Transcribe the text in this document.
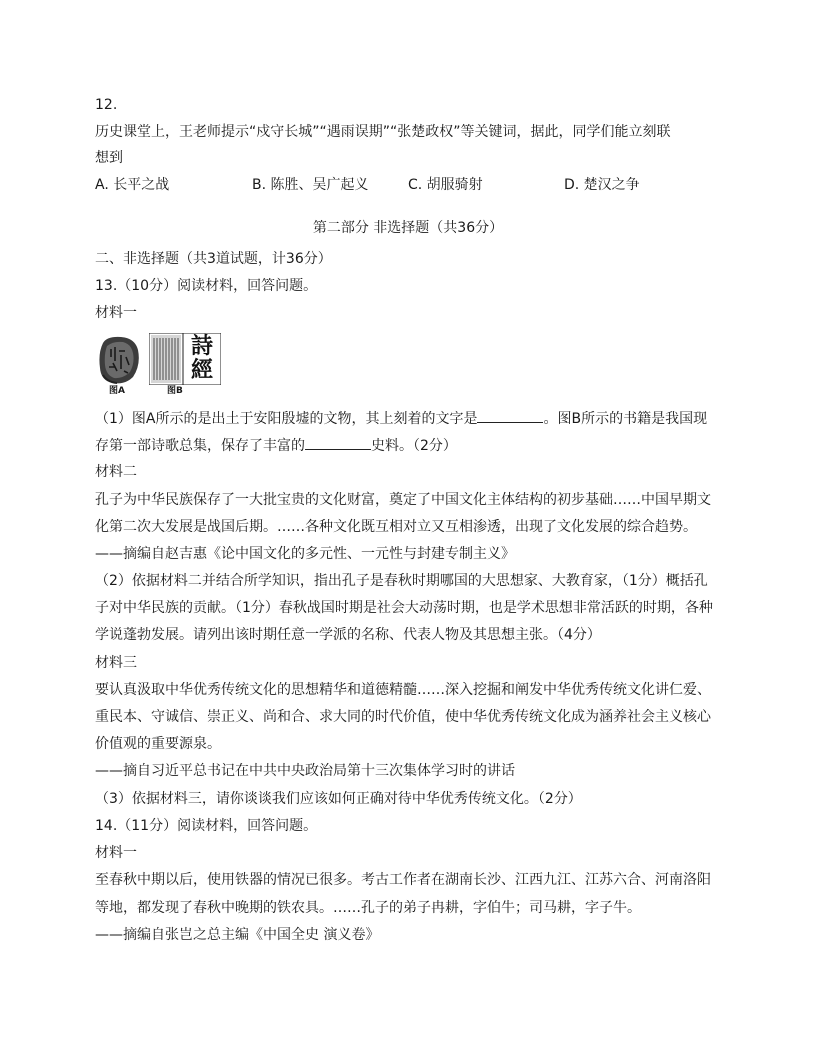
12.
历史课堂上，王老师提示“戍守长城”“遇雨误期”“张楚政权”等关键词，据此，同学们能立刻联
想到
A. 长平之战	B. 陈胜、吴广起义	C. 胡服骑射	D. 楚汉之争
第二部分 非选择题（共36分）
二、非选择题（共3道试题，计36分）
13.（10分）阅读材料，回答问题。
材料一
詩
經
图A	图B
（1）图A所示的是出土于安阳殷墟的文物，其上刻着的文字是	。图B所示的书籍是我国现
存第一部诗歌总集，保存了丰富的	史料。（2分）
材料二
孔子为中华民族保存了一大批宝贵的文化财富，奠定了中国文化主体结构的初步基础……中国早期文
化第二次大发展是战国后期。……各种文化既互相对立又互相渗透，出现了文化发展的综合趋势。
——摘编自赵吉惠《论中国文化的多元性、一元性与封建专制主义》
（2）依据材料二并结合所学知识，指出孔子是春秋时期哪国的大思想家、大教育家，（1分）概括孔
子对中华民族的贡献。（1分）春秋战国时期是社会大动荡时期，也是学术思想非常活跃的时期，各种
学说蓬勃发展。请列出该时期任意一学派的名称、代表人物及其思想主张。（4分）
材料三
要认真汲取中华优秀传统文化的思想精华和道德精髓……深入挖掘和阐发中华优秀传统文化讲仁爱、
重民本、守诚信、崇正义、尚和合、求大同的时代价值，使中华优秀传统文化成为涵养社会主义核心
价值观的重要源泉。
——摘自习近平总书记在中共中央政治局第十三次集体学习时的讲话
（3）依据材料三，请你谈谈我们应该如何正确对待中华优秀传统文化。（2分）
14.（11分）阅读材料，回答问题。
材料一
至春秋中期以后，使用铁器的情况已很多。考古工作者在湖南长沙、江西九江、江苏六合、河南洛阳
等地，都发现了春秋中晚期的铁农具。……孔子的弟子冉耕，字伯牛；司马耕，字子牛。
——摘编自张岂之总主编《中国全史 演义卷》
